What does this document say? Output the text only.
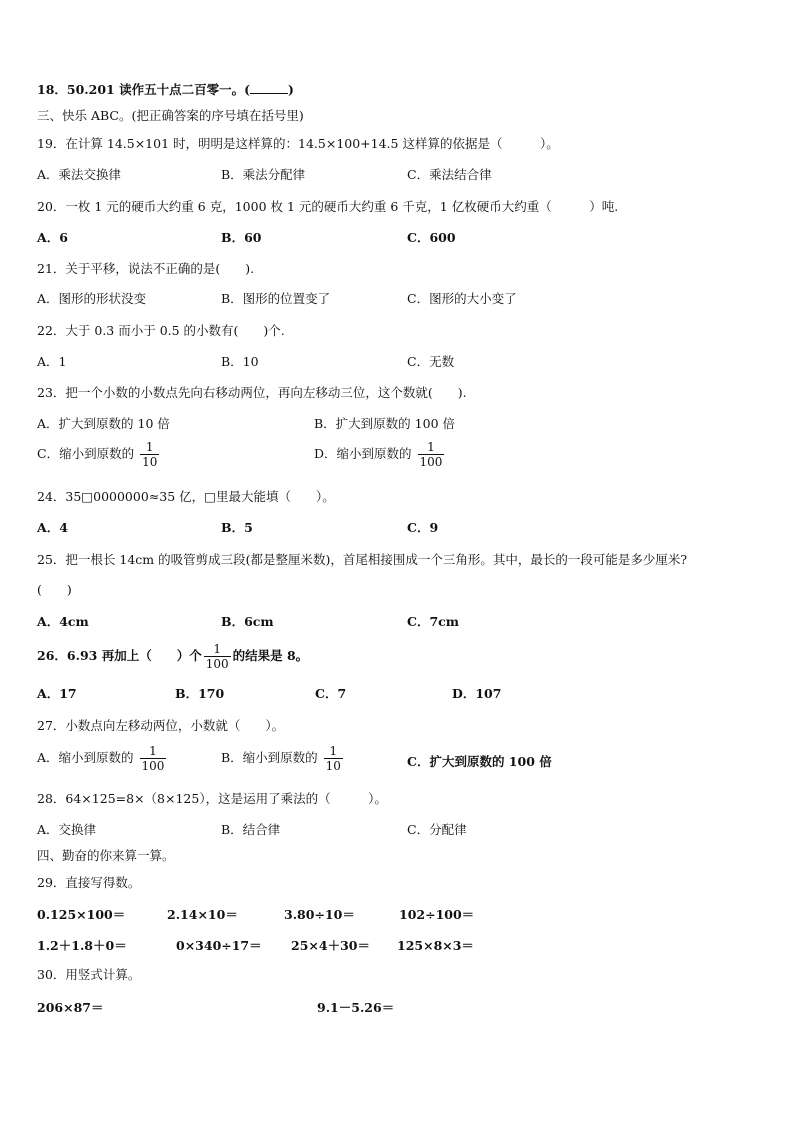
18．50.201 读作五十点二百零一。(	)
三、快乐 ABC。(把正确答案的序号填在括号里)
19．在计算 14.5×101 时，明明是这样算的：14.5×100+14.5 这样算的依据是（　　　）。
A．乘法交换律	B．乘法分配律	C．乘法结合律
20．一枚 1 元的硬币大约重 6 克，1000 枚 1 元的硬币大约重 6 千克，1 亿枚硬币大约重（　　　）吨.
A．6	B．60	C．600
21．关于平移，说法不正确的是(　　).
A．图形的形状没变	B．图形的位置变了	C．图形的大小变了
22．大于 0.3 而小于 0.5 的小数有(　　)个.
A．1	B．10	C．无数
23．把一个小数的小数点先向右移动两位，再向左移动三位，这个数就(　　).
A．扩大到原数的 10 倍	B．扩大到原数的 100 倍
C．缩小到原数的 $\frac{1}{10}$	D．缩小到原数的 $\frac{1}{100}$
24．35□0000000≈35 亿，□里最大能填（　　）。
A．4	B．5	C．9
25．把一根长 14cm 的吸管剪成三段(都是整厘米数)，首尾相接围成一个三角形。其中，最长的一段可能是多少厘米?
(　　)
A．4cm	B．6cm	C．7cm
26．6.93 再加上（　　）个 $\frac{1}{100}$ 的结果是 8。
A．17	B．170	C．7	D．107
27．小数点向左移动两位，小数就（　　）。
A．缩小到原数的 $\frac{1}{100}$	B．缩小到原数的 $\frac{1}{10}$	C．扩大到原数的 100 倍
28．64×125=8×（8×125），这是运用了乘法的（　　　）。
A．交换律	B．结合律	C．分配律
四、勤奋的你来算一算。
29．直接写得数。
0.125×100＝	2.14×10＝	3.80÷10＝	102÷100＝
1.2＋1.8＋0＝	0×340÷17＝ 25×4＋30＝ 125×8×3＝
30．用竖式计算。
206×87＝	9.1－5.26＝
